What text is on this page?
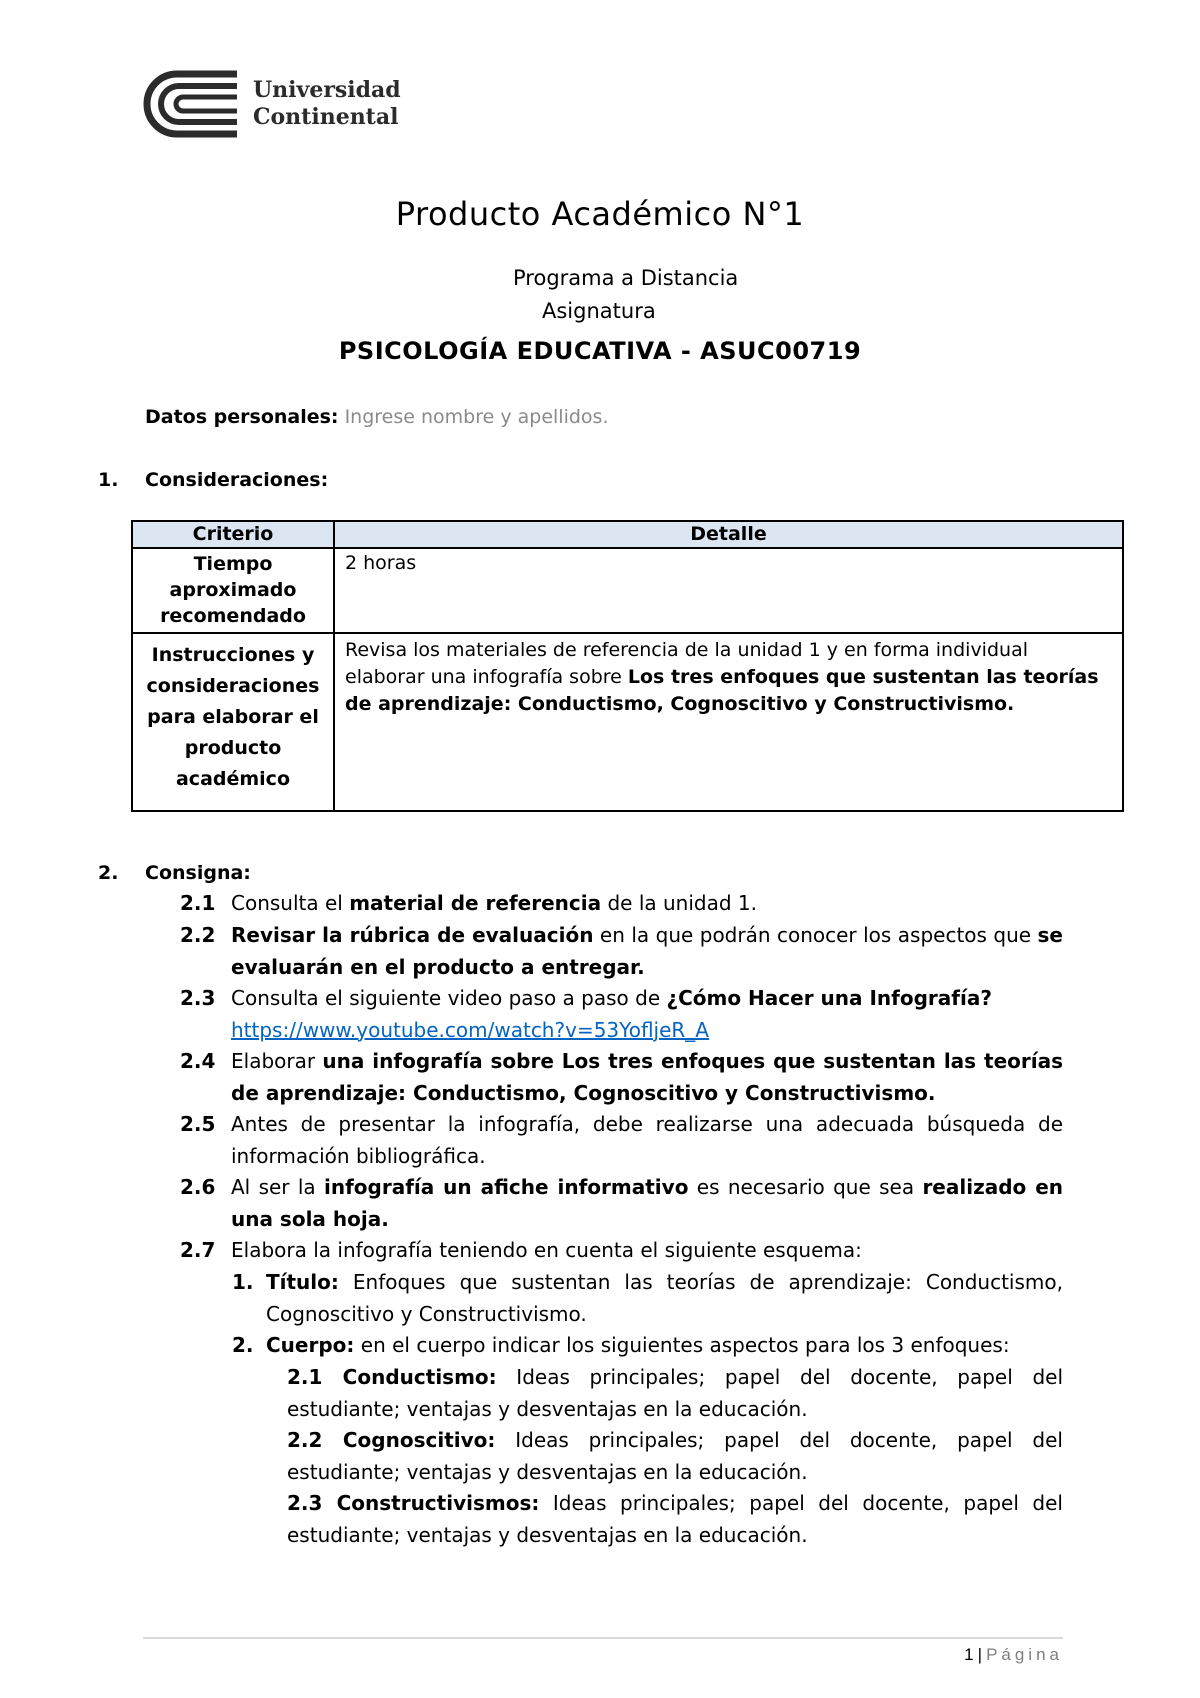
Universidad
Continental
Producto Académico N°1
Programa a Distancia
Asignatura
PSICOLOGÍA EDUCATIVA - ASUC00719
Datos personales: Ingrese nombre y apellidos.
1. Consideraciones:
Criterio	Detalle
Tiempo aproximado recomendado	2 horas
Instrucciones y consideraciones para elaborar el producto académico	Revisa los materiales de referencia de la unidad 1 y en forma individual elaborar una infografía sobre Los tres enfoques que sustentan las teorías de aprendizaje: Conductismo, Cognoscitivo y Constructivismo.
2. Consigna:
2.1 Consulta el material de referencia de la unidad 1.
2.2 Revisar la rúbrica de evaluación en la que podrán conocer los aspectos que se evaluarán en el producto a entregar.
2.3 Consulta el siguiente video paso a paso de ¿Cómo Hacer una Infografía?
https://www.youtube.com/watch?v=53YofljeR_A
2.4 Elaborar una infografía sobre Los tres enfoques que sustentan las teorías de aprendizaje: Conductismo, Cognoscitivo y Constructivismo.
2.5 Antes de presentar la infografía, debe realizarse una adecuada búsqueda de información bibliográfica.
2.6 Al ser la infografía un afiche informativo es necesario que sea realizado en una sola hoja.
2.7 Elabora la infografía teniendo en cuenta el siguiente esquema:
1. Título: Enfoques que sustentan las teorías de aprendizaje: Conductismo, Cognoscitivo y Constructivismo.
2. Cuerpo: en el cuerpo indicar los siguientes aspectos para los 3 enfoques:
2.1 Conductismo: Ideas principales; papel del docente, papel del estudiante; ventajas y desventajas en la educación.
2.2 Cognoscitivo: Ideas principales; papel del docente, papel del estudiante; ventajas y desventajas en la educación.
2.3 Constructivismos: Ideas principales; papel del docente, papel del estudiante; ventajas y desventajas en la educación.
1 | Página
